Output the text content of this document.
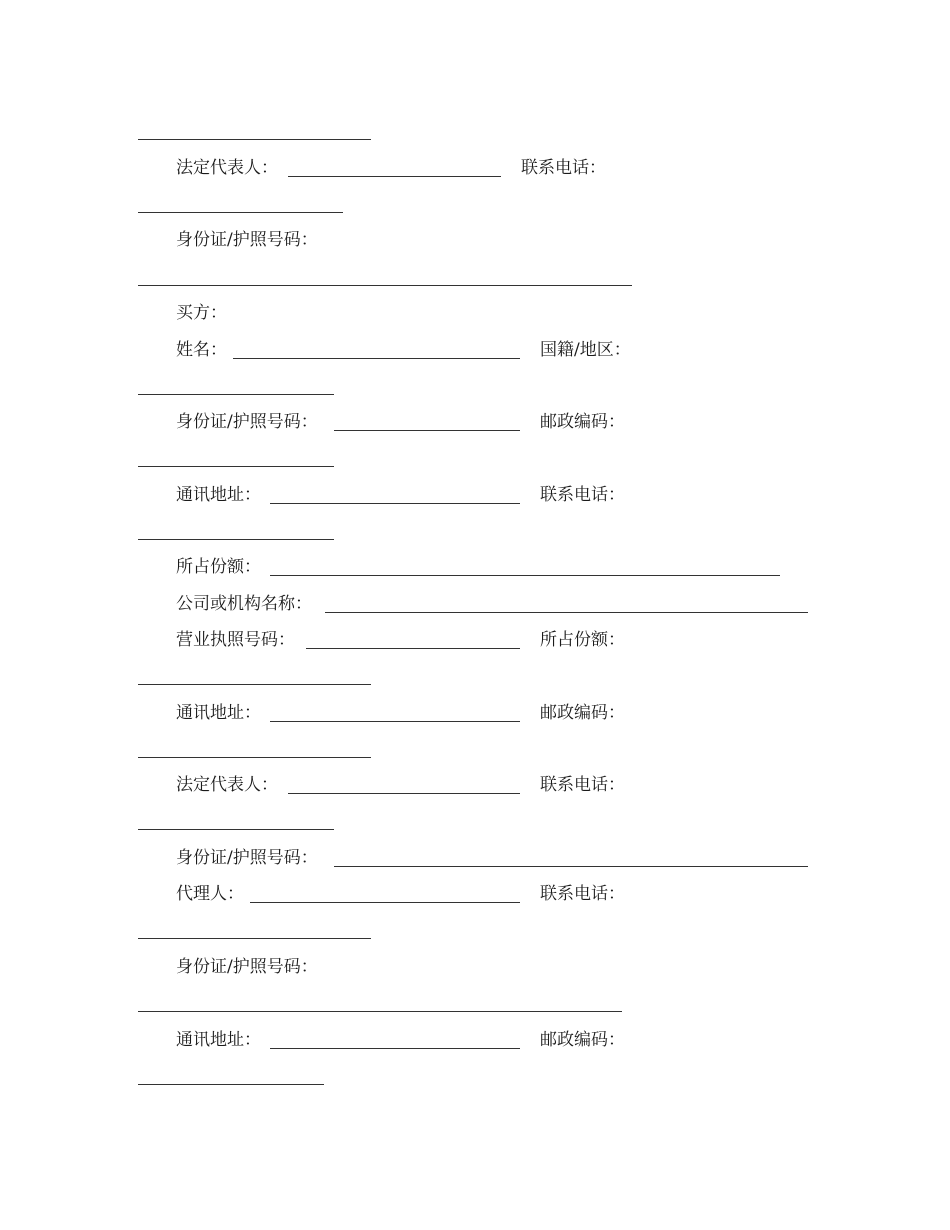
法定代表人：	联系电话：
身份证/护照号码：
买方：
姓名：	国籍/地区：
身份证/护照号码：	邮政编码：
通讯地址：	联系电话：
所占份额：
公司或机构名称：
营业执照号码：	所占份额：
通讯地址：	邮政编码：
法定代表人：	联系电话：
身份证/护照号码：
代理人：	联系电话：
身份证/护照号码：
通讯地址：	邮政编码：
